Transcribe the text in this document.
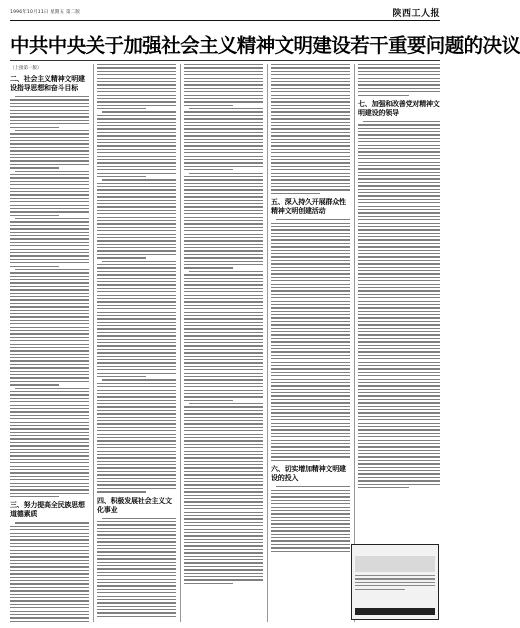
1996年10月11日 星期五 第二版	陕西工人报
中共中央关于加强社会主义精神文明建设若干重要问题的决议
（上接第一版）
二、社会主义精神文明建设指导思想和奋斗目标
三、努力提高全民族思想道德素质
四、积极发展社会主义文化事业
五、深入持久开展群众性精神文明创建活动
六、切实增加精神文明建设的投入
七、加强和改善党对精神文明建设的领导
